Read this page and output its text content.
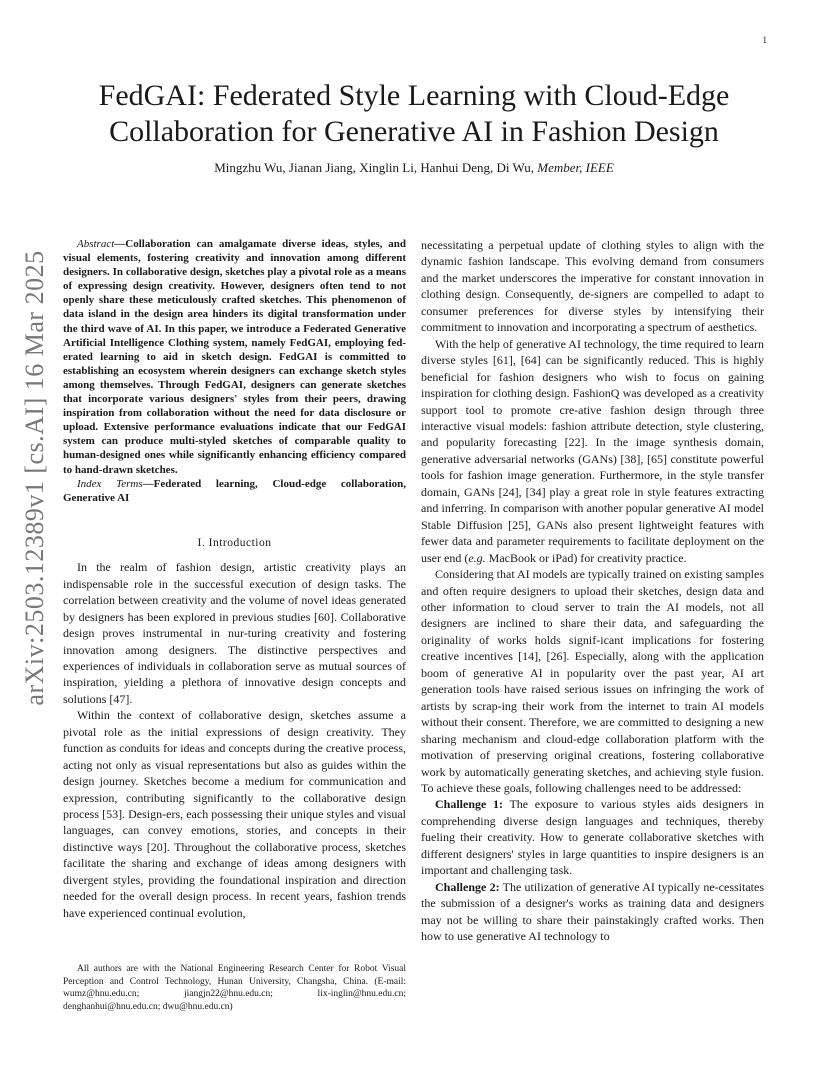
1
arXiv:2503.12389v1 [cs.AI] 16 Mar 2025
FedGAI: Federated Style Learning with Cloud-Edge Collaboration for Generative AI in Fashion Design
Mingzhu Wu, Jianan Jiang, Xinglin Li, Hanhui Deng, Di Wu, Member, IEEE

Abstract—Collaboration can amalgamate diverse ideas, styles, and visual elements, fostering creativity and innovation among different designers. In collaborative design, sketches play a pivotal role as a means of expressing design creativity. However, designers often tend to not openly share these meticulously crafted sketches. This phenomenon of data island in the design area hinders its digital transformation under the third wave of AI. In this paper, we introduce a Federated Generative Artificial Intelligence Clothing system, namely FedGAI, employing fed-erated learning to aid in sketch design. FedGAI is committed to establishing an ecosystem wherein designers can exchange sketch styles among themselves. Through FedGAI, designers can generate sketches that incorporate various designers' styles from their peers, drawing inspiration from collaboration without the need for data disclosure or upload. Extensive performance evaluations indicate that our FedGAI system can produce multi-styled sketches of comparable quality to human-designed ones while significantly enhancing efficiency compared to hand-drawn sketches.

Index Terms—Federated learning, Cloud-edge collaboration, Generative AI

I. Introduction

In the realm of fashion design, artistic creativity plays an indispensable role in the successful execution of design tasks. The correlation between creativity and the volume of novel ideas generated by designers has been explored in previous studies [60]. Collaborative design proves instrumental in nur-turing creativity and fostering innovation among designers. The distinctive perspectives and experiences of individuals in collaboration serve as mutual sources of inspiration, yielding a plethora of innovative design concepts and solutions [47].

Within the context of collaborative design, sketches assume a pivotal role as the initial expressions of design creativity. They function as conduits for ideas and concepts during the creative process, acting not only as visual representations but also as guides within the design journey. Sketches become a medium for communication and expression, contributing significantly to the collaborative design process [53]. Design-ers, each possessing their unique styles and visual languages, can convey emotions, stories, and concepts in their distinctive ways [20]. Throughout the collaborative process, sketches facilitate the sharing and exchange of ideas among designers with divergent styles, providing the foundational inspiration and direction needed for the overall design process. In recent years, fashion trends have experienced continual evolution,

All authors are with the National Engineering Research Center for Robot Visual Perception and Control Technology, Hunan University, Changsha, China. (E-mail: wumz@hnu.edu.cn; jiangjn22@hnu.edu.cn; lix-inglin@hnu.edu.cn; denghanhui@hnu.edu.cn; dwu@hnu.edu.cn)

necessitating a perpetual update of clothing styles to align with the dynamic fashion landscape. This evolving demand from consumers and the market underscores the imperative for constant innovation in clothing design. Consequently, de-signers are compelled to adapt to consumer preferences for diverse styles by intensifying their commitment to innovation and incorporating a spectrum of aesthetics.

With the help of generative AI technology, the time required to learn diverse styles [61], [64] can be significantly reduced. This is highly beneficial for fashion designers who wish to focus on gaining inspiration for clothing design. FashionQ was developed as a creativity support tool to promote cre-ative fashion design through three interactive visual models: fashion attribute detection, style clustering, and popularity forecasting [22]. In the image synthesis domain, generative adversarial networks (GANs) [38], [65] constitute powerful tools for fashion image generation. Furthermore, in the style transfer domain, GANs [24], [34] play a great role in style features extracting and inferring. In comparison with another popular generative AI model Stable Diffusion [25], GANs also present lightweight features with fewer data and parameter requirements to facilitate deployment on the user end (e.g. MacBook or iPad) for creativity practice.

Considering that AI models are typically trained on existing samples and often require designers to upload their sketches, design data and other information to cloud server to train the AI models, not all designers are inclined to share their data, and safeguarding the originality of works holds signif-icant implications for fostering creative incentives [14], [26]. Especially, along with the application boom of generative AI in popularity over the past year, AI art generation tools have raised serious issues on infringing the work of artists by scrap-ing their work from the internet to train AI models without their consent. Therefore, we are committed to designing a new sharing mechanism and cloud-edge collaboration platform with the motivation of preserving original creations, fostering collaborative work by automatically generating sketches, and achieving style fusion. To achieve these goals, following challenges need to be addressed:

Challenge 1: The exposure to various styles aids designers in comprehending diverse design languages and techniques, thereby fueling their creativity. How to generate collaborative sketches with different designers' styles in large quantities to inspire designers is an important and challenging task.

Challenge 2: The utilization of generative AI typically ne-cessitates the submission of a designer's works as training data and designers may not be willing to share their painstakingly crafted works. Then how to use generative AI technology to
